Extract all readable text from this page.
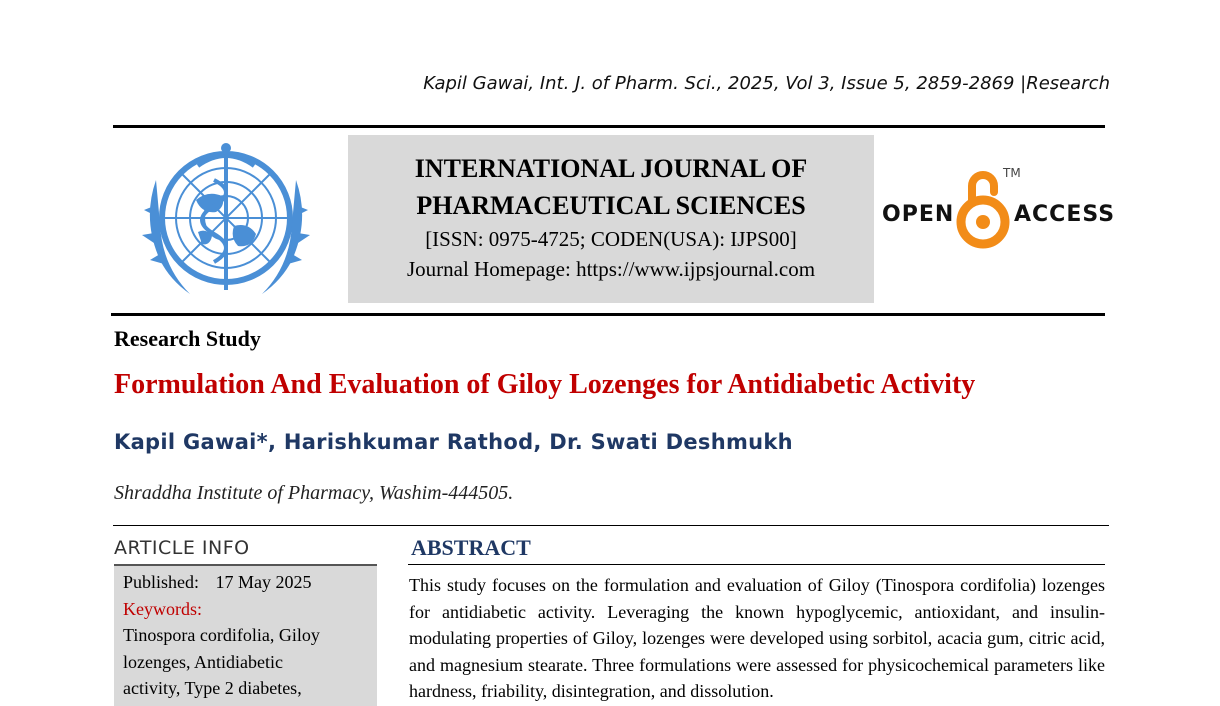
Kapil Gawai, Int. J. of Pharm. Sci., 2025, Vol 3, Issue 5, 2859-2869 |Research
INTERNATIONAL JOURNAL OF
PHARMACEUTICAL SCIENCES
[ISSN: 0975-4725; CODEN(USA): IJPS00]
Journal Homepage: https://www.ijpsjournal.com
OPEN
TM
ACCESS
Research Study
Formulation And Evaluation of Giloy Lozenges for Antidiabetic Activity
Kapil Gawai*, Harishkumar Rathod, Dr. Swati Deshmukh
Shraddha Institute of Pharmacy, Washim-444505.
ARTICLE INFO
Published: 17 May 2025
Keywords:
Tinospora cordifolia, Giloy
lozenges, Antidiabetic
activity, Type 2 diabetes,
ABSTRACT
This study focuses on the formulation and evaluation of Giloy (Tinospora cordifolia) lozenges for antidiabetic activity. Leveraging the known hypoglycemic, antioxidant, and insulin-modulating properties of Giloy, lozenges were developed using sorbitol, acacia gum, citric acid, and magnesium stearate. Three formulations were assessed for physicochemical parameters like hardness, friability, disintegration, and dissolution.
